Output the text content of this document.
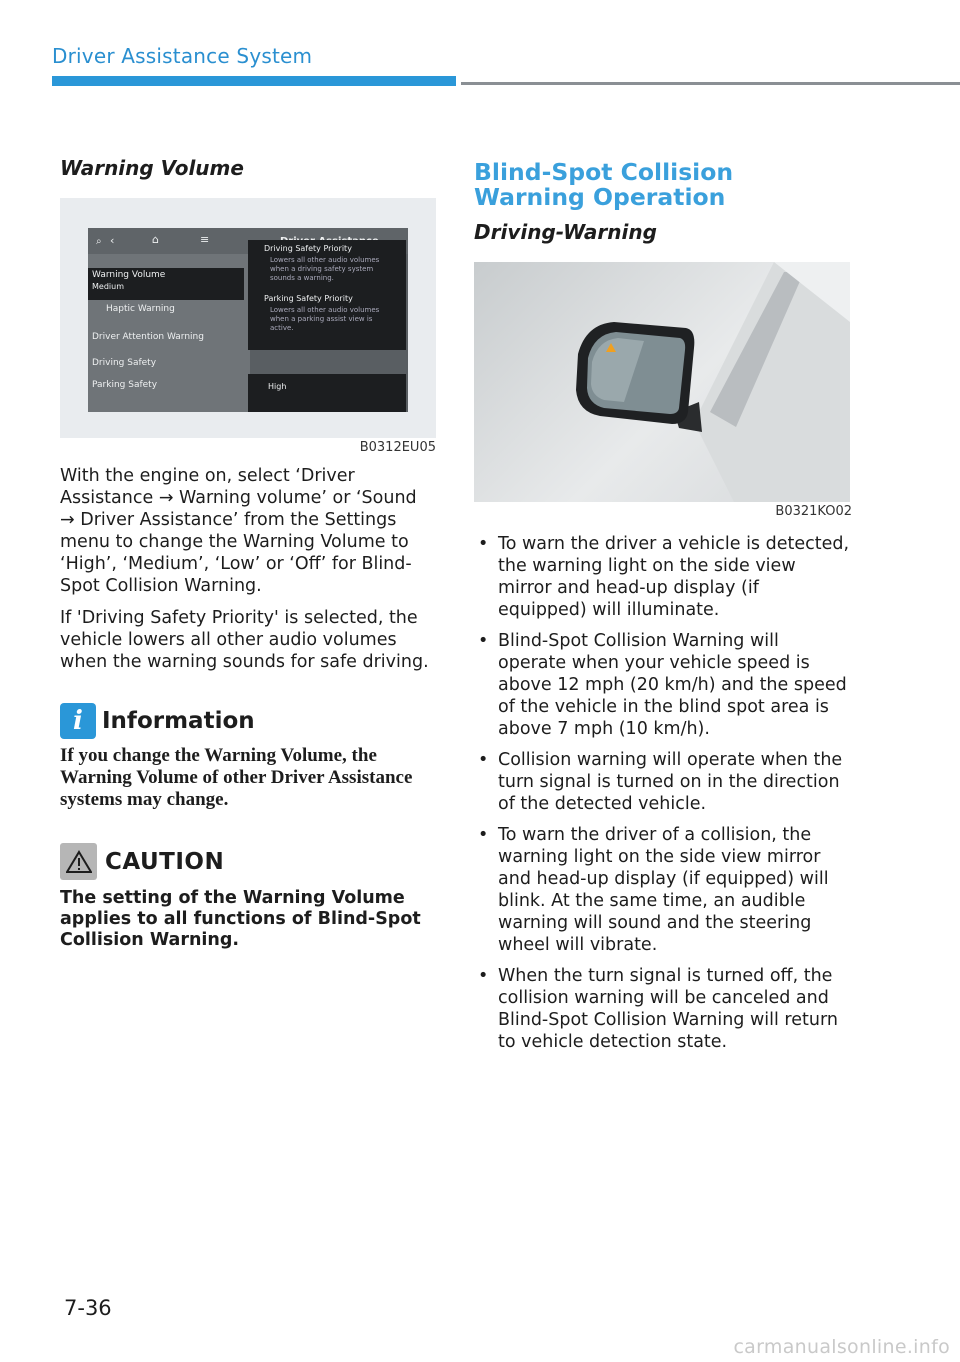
Driver Assistance System
Warning Volume
‹	⌂	≡
⌕
Warning Volume
Medium
Haptic Warning
Driver Attention Warning
Driving Safety
Parking Safety
Driving Safety Priority
Lowers all other audio volumes
when a driving safety system
sounds a warning.
Parking Safety Priority
Lowers all other audio volumes
when a parking assist view is
active.
High
B0312EU05

With the engine on, select ‘Driver Assistance → Warning volume’ or ‘Sound → Driver Assistance’ from the Settings menu to change the Warning Volume to ‘High’, ‘Medium’, ‘Low’ or ‘Off’ for Blind-Spot Collision Warning.

If 'Driving Safety Priority' is selected, the vehicle lowers all other audio volumes when the warning sounds for safe driving.

i Information
If you change the Warning Volume, the Warning Volume of other Driver Assistance systems may change.
CAUTION
The setting of the Warning Volume applies to all functions of Blind-Spot Collision Warning.
Blind-Spot Collision Warning Operation
Driving-Warning
B0321KO02
• To warn the driver a vehicle is detected, the warning light on the side view mirror and head-up display (if equipped) will illuminate.
• Blind-Spot Collision Warning will operate when your vehicle speed is above 12 mph (20 km/h) and the speed of the vehicle in the blind spot area is above 7 mph (10 km/h).
• Collision warning will operate when the turn signal is turned on in the direction of the detected vehicle.
• To warn the driver of a collision, the warning light on the side view mirror and head-up display (if equipped) will blink. At the same time, an audible warning will sound and the steering wheel will vibrate.
• When the turn signal is turned off, the collision warning will be canceled and Blind-Spot Collision Warning will return to vehicle detection state.
7-36
carmanualsonline.info
